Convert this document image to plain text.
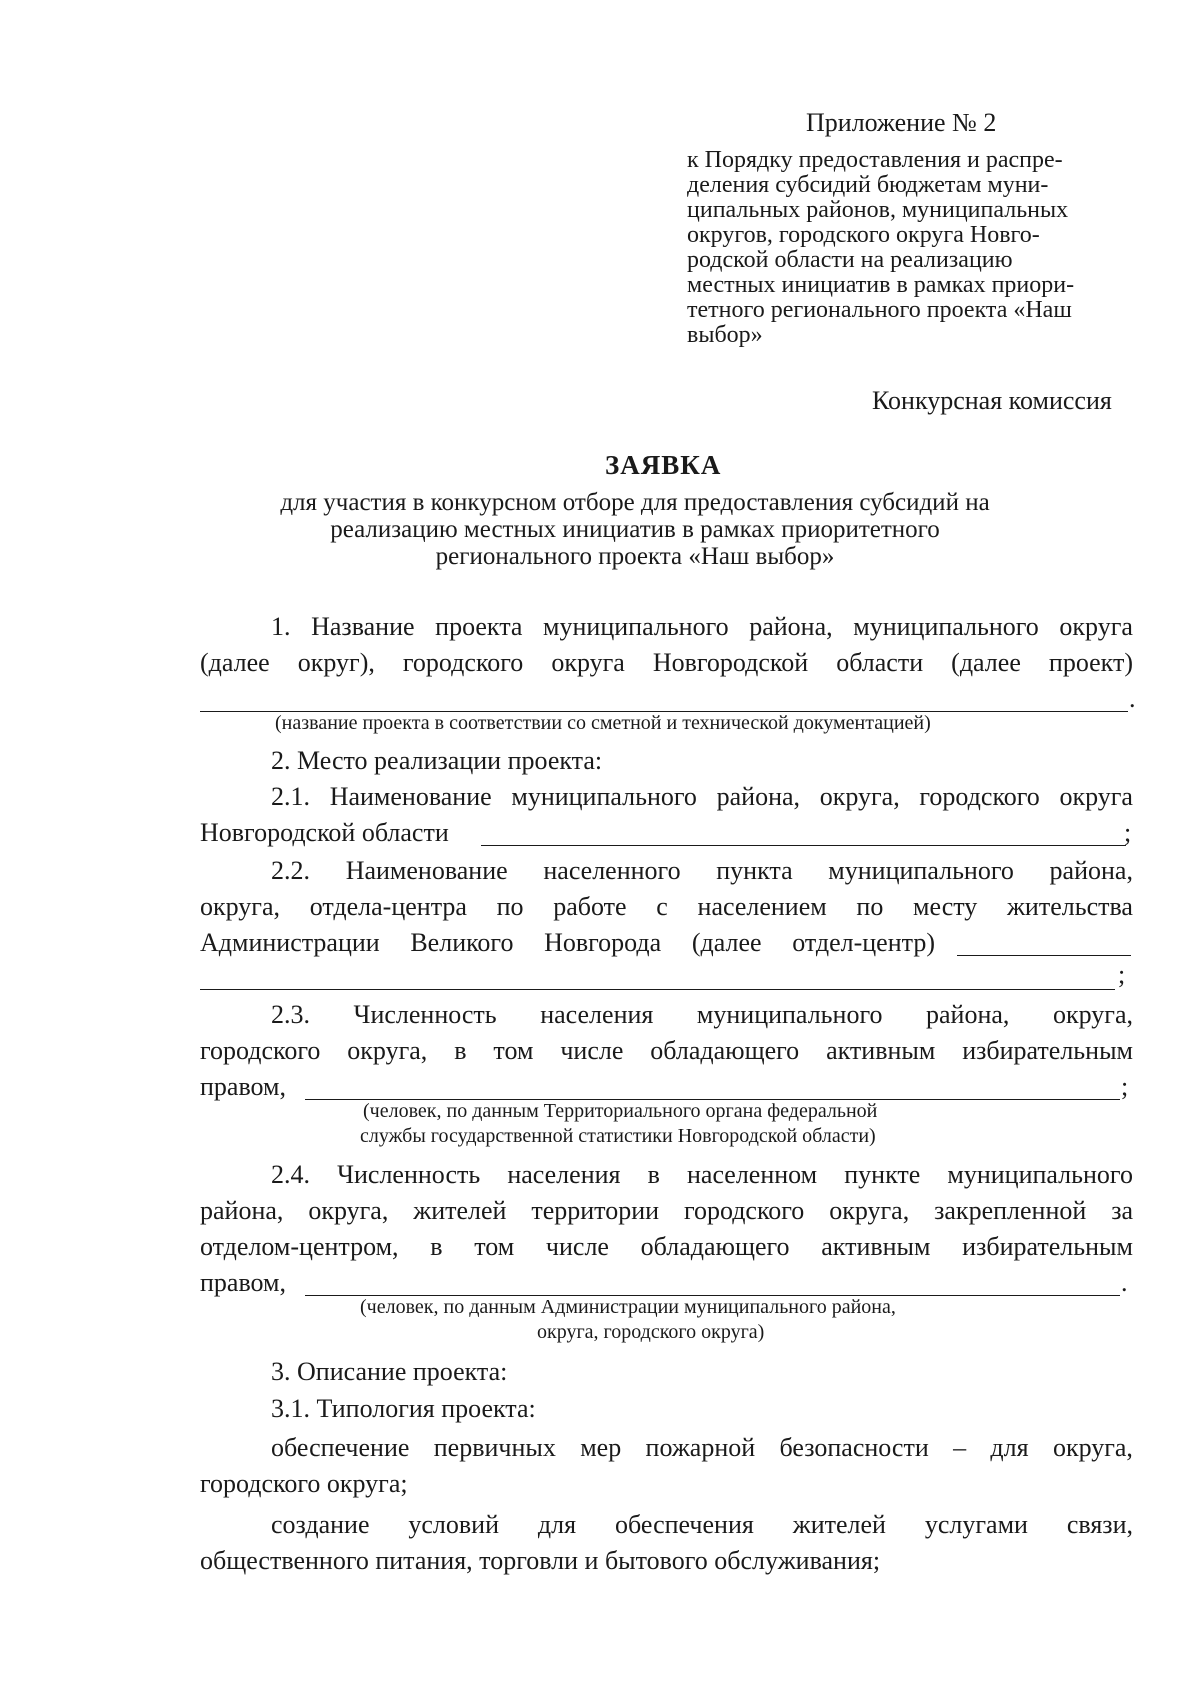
Приложение № 2
к Порядку предоставления и распре-
деления субсидий бюджетам муни-
ципальных районов, муниципальных
округов, городского округа Новго-
родской области на реализацию
местных инициатив в рамках приори-
тетного регионального проекта «Наш
выбор»
Конкурсная комиссия
ЗАЯВКА
для участия в конкурсном отборе для предоставления субсидий на
реализацию местных инициатив в рамках приоритетного
регионального проекта «Наш выбор»
1. Название проекта муниципального района, муниципального округа
(далее округ), городского округа Новгородской области (далее проект)
.
(название проекта в соответствии со сметной и технической документацией)
2. Место реализации проекта:
2.1. Наименование муниципального района, округа, городского округа
Новгородской области	;
2.2. Наименование населенного пункта муниципального района,
округа, отдела-центра по работе с населением по месту жительства
Администрации Великого Новгорода (далее отдел-центр)
;
2.3. Численность населения муниципального района, округа,
городского округа, в том числе обладающего активным избирательным
правом,	;
(человек, по данным Территориального органа федеральной
службы государственной статистики Новгородской области)
2.4. Численность населения в населенном пункте муниципального
района, округа, жителей территории городского округа, закрепленной за
отделом-центром, в том числе обладающего активным избирательным
правом,	.
(человек, по данным Администрации муниципального района,
округа, городского округа)
3. Описание проекта:
3.1. Типология проекта:
обеспечение первичных мер пожарной безопасности – для округа,
городского округа;
создание условий для обеспечения жителей услугами связи,
общественного питания, торговли и бытового обслуживания;
